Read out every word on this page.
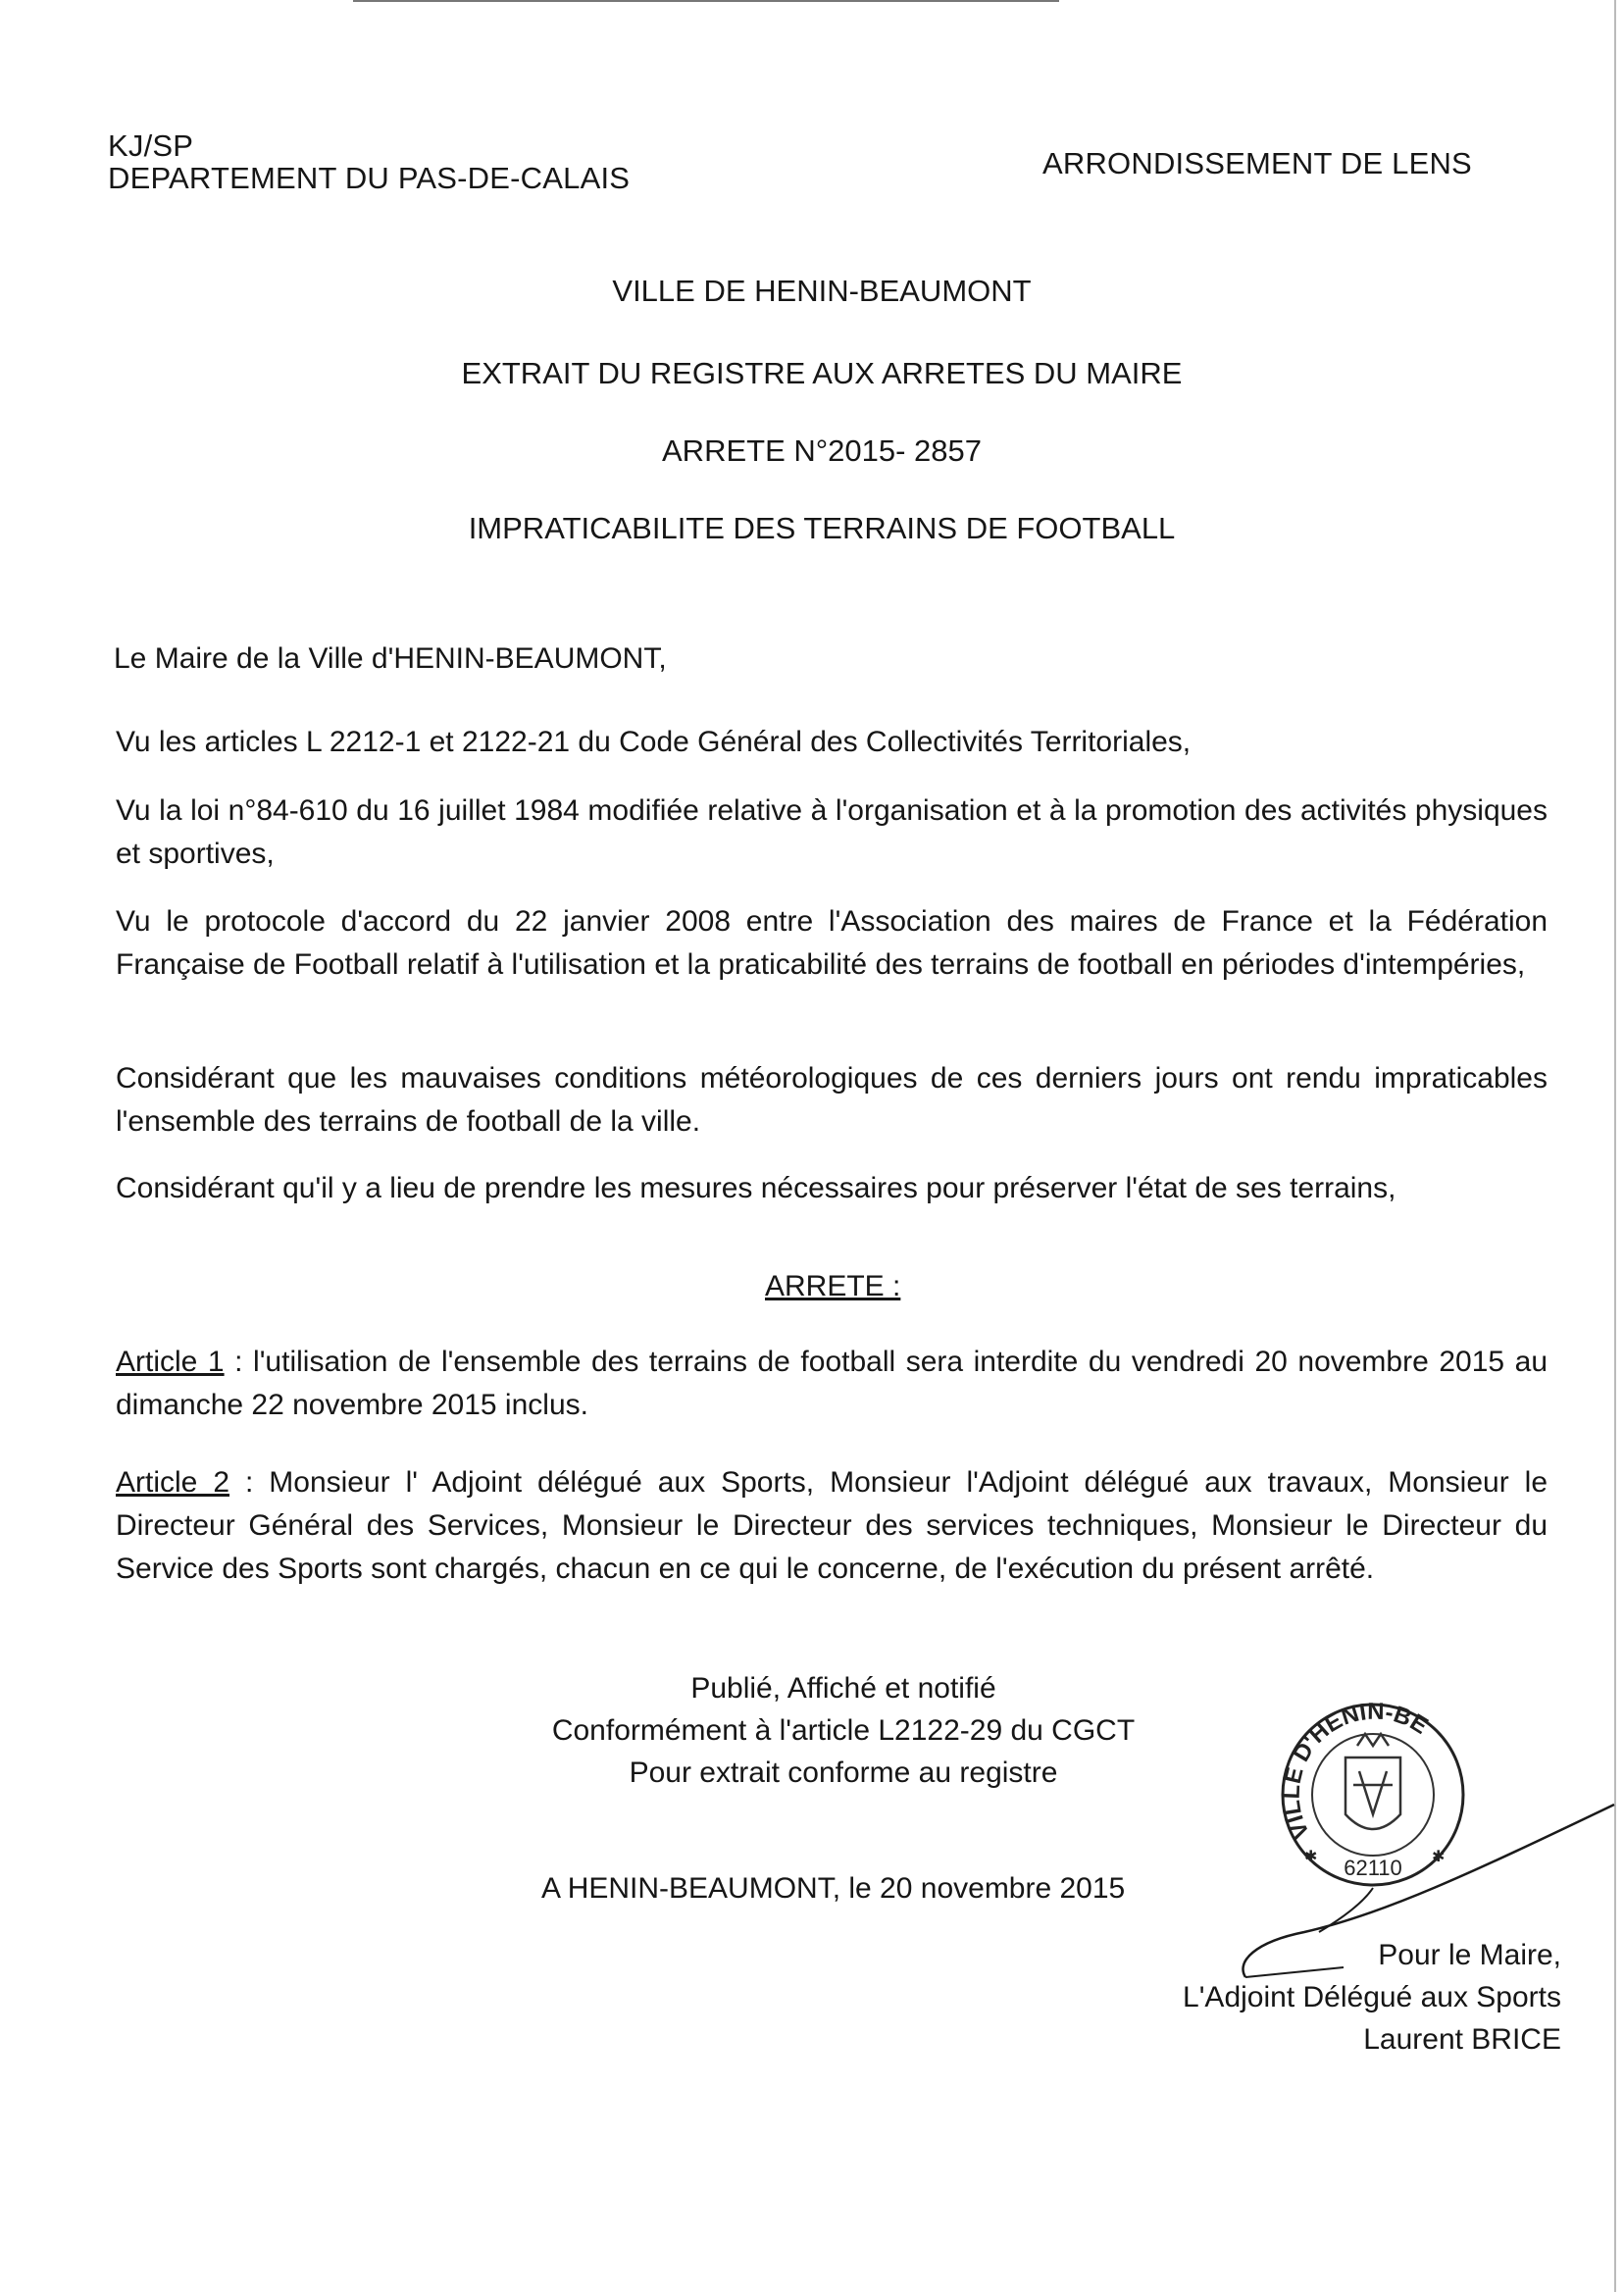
KJ/SP
DEPARTEMENT DU PAS-DE-CALAIS	ARRONDISSEMENT DE LENS
VILLE DE HENIN-BEAUMONT
EXTRAIT DU REGISTRE AUX ARRETES DU MAIRE
ARRETE N°2015- 2857
IMPRATICABILITE DES TERRAINS DE FOOTBALL
Le Maire de la Ville d'HENIN-BEAUMONT,
Vu les articles L 2212-1 et 2122-21 du Code Général des Collectivités Territoriales,
Vu la loi n°84-610 du 16 juillet 1984 modifiée relative à l'organisation et à la promotion des activités physiques et sportives,
Vu le protocole d'accord du 22 janvier 2008 entre l'Association des maires de France et la Fédération Française de Football relatif à l'utilisation et la praticabilité des terrains de football en périodes d'intempéries,
Considérant que les mauvaises conditions météorologiques de ces derniers jours ont rendu impraticables l'ensemble des terrains de football de la ville.
Considérant qu'il y a lieu de prendre les mesures nécessaires pour préserver l'état de ses terrains,
ARRETE :
Article 1 : l'utilisation de l'ensemble des terrains de football sera interdite du vendredi 20 novembre 2015 au dimanche 22 novembre 2015 inclus.
Article 2 : Monsieur l' Adjoint délégué aux Sports, Monsieur l'Adjoint délégué aux travaux, Monsieur le Directeur Général des Services, Monsieur le Directeur des services techniques, Monsieur le Directeur du Service des Sports sont chargés, chacun en ce qui le concerne, de l'exécution du présent arrêté.
Publié, Affiché et notifié
Conformément à l'article L2122-29 du CGCT
Pour extrait conforme au registre
A HENIN-BEAUMONT, le 20 novembre 2015
VILLE D'HENIN-BE
62110
✱	✱
Pour le Maire,
L'Adjoint Délégué aux Sports
Laurent BRICE
